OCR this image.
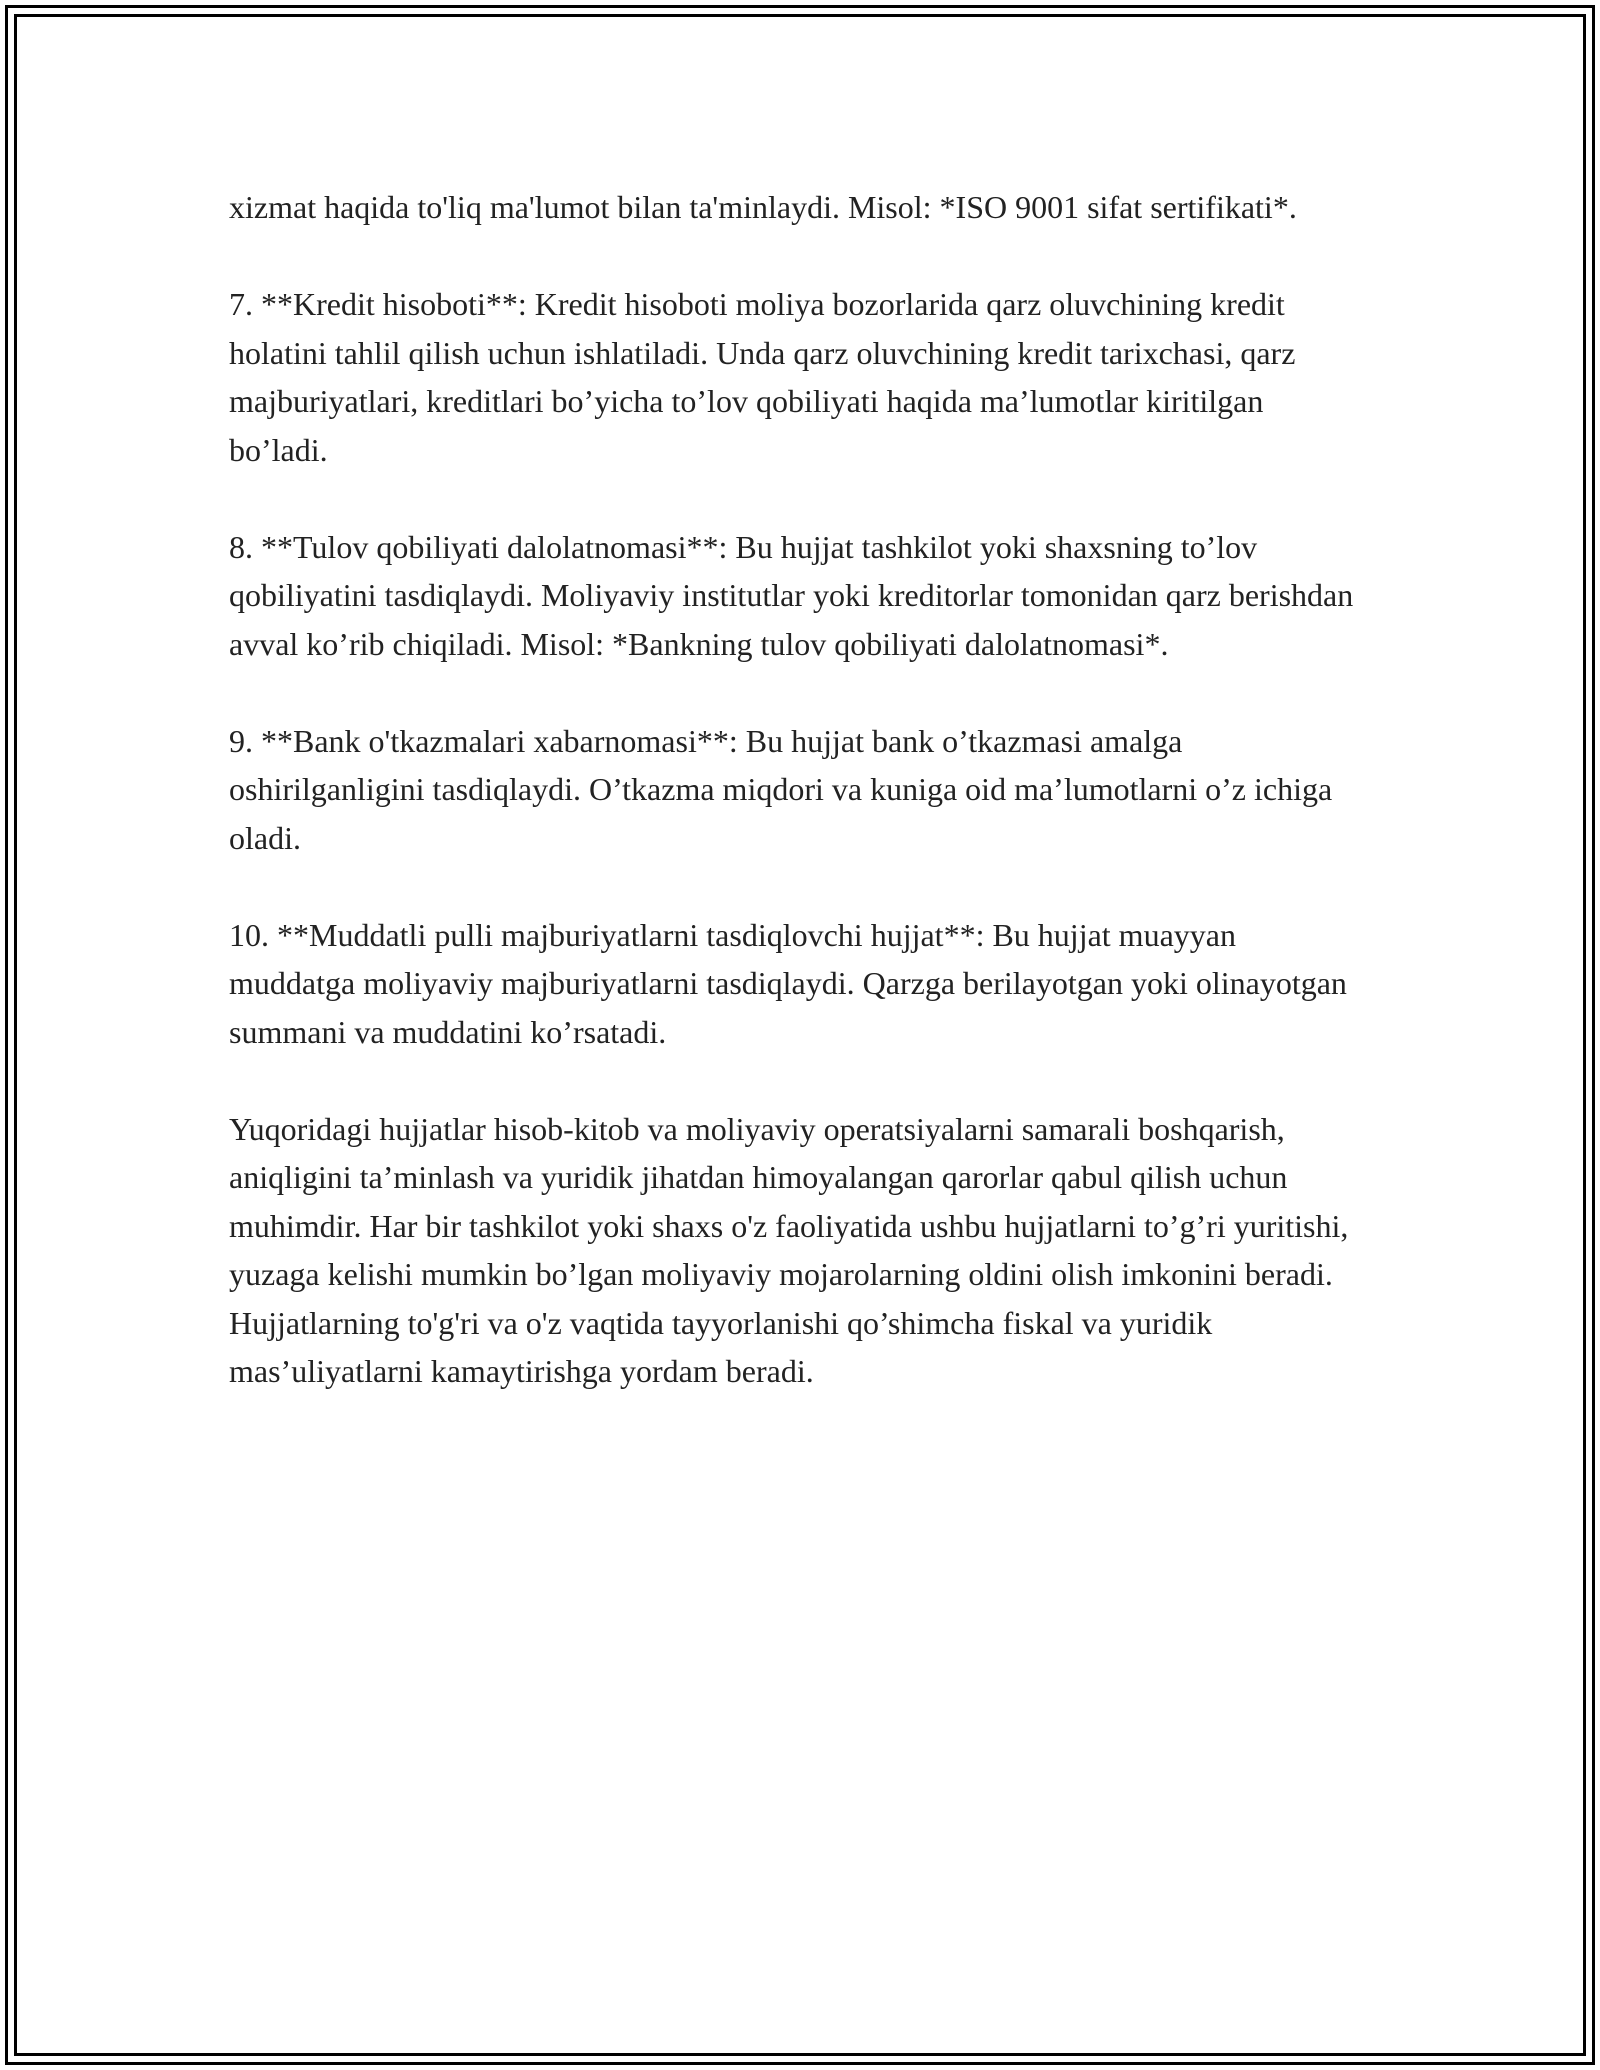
xizmat haqida to'liq ma'lumot bilan ta'minlaydi. Misol: *ISO 9001 sifat sertifikati*.

7. **Kredit hisoboti**: Kredit hisoboti moliya bozorlarida qarz oluvchining kredit holatini tahlil qilish uchun ishlatiladi. Unda qarz oluvchining kredit tarixchasi, qarz majburiyatlari, kreditlari bo’yicha to’lov qobiliyati haqida ma’lumotlar kiritilgan bo’ladi.

8. **Tulov qobiliyati dalolatnomasi**: Bu hujjat tashkilot yoki shaxsning to’lov qobiliyatini tasdiqlaydi. Moliyaviy institutlar yoki kreditorlar tomonidan qarz berishdan avval ko’rib chiqiladi. Misol: *Bankning tulov qobiliyati dalolatnomasi*.

9. **Bank o'tkazmalari xabarnomasi**: Bu hujjat bank o’tkazmasi amalga oshirilganligini tasdiqlaydi. O’tkazma miqdori va kuniga oid ma’lumotlarni o’z ichiga oladi.

10. **Muddatli pulli majburiyatlarni tasdiqlovchi hujjat**: Bu hujjat muayyan muddatga moliyaviy majburiyatlarni tasdiqlaydi. Qarzga berilayotgan yoki olinayotgan summani va muddatini ko’rsatadi.

Yuqoridagi hujjatlar hisob-kitob va moliyaviy operatsiyalarni samarali boshqarish, aniqligini ta’minlash va yuridik jihatdan himoyalangan qarorlar qabul qilish uchun muhimdir. Har bir tashkilot yoki shaxs o'z faoliyatida ushbu hujjatlarni to’g’ri yuritishi, yuzaga kelishi mumkin bo’lgan moliyaviy mojarolarning oldini olish imkonini beradi. Hujjatlarning to'g'ri va o'z vaqtida tayyorlanishi qo’shimcha fiskal va yuridik mas’uliyatlarni kamaytirishga yordam beradi.
